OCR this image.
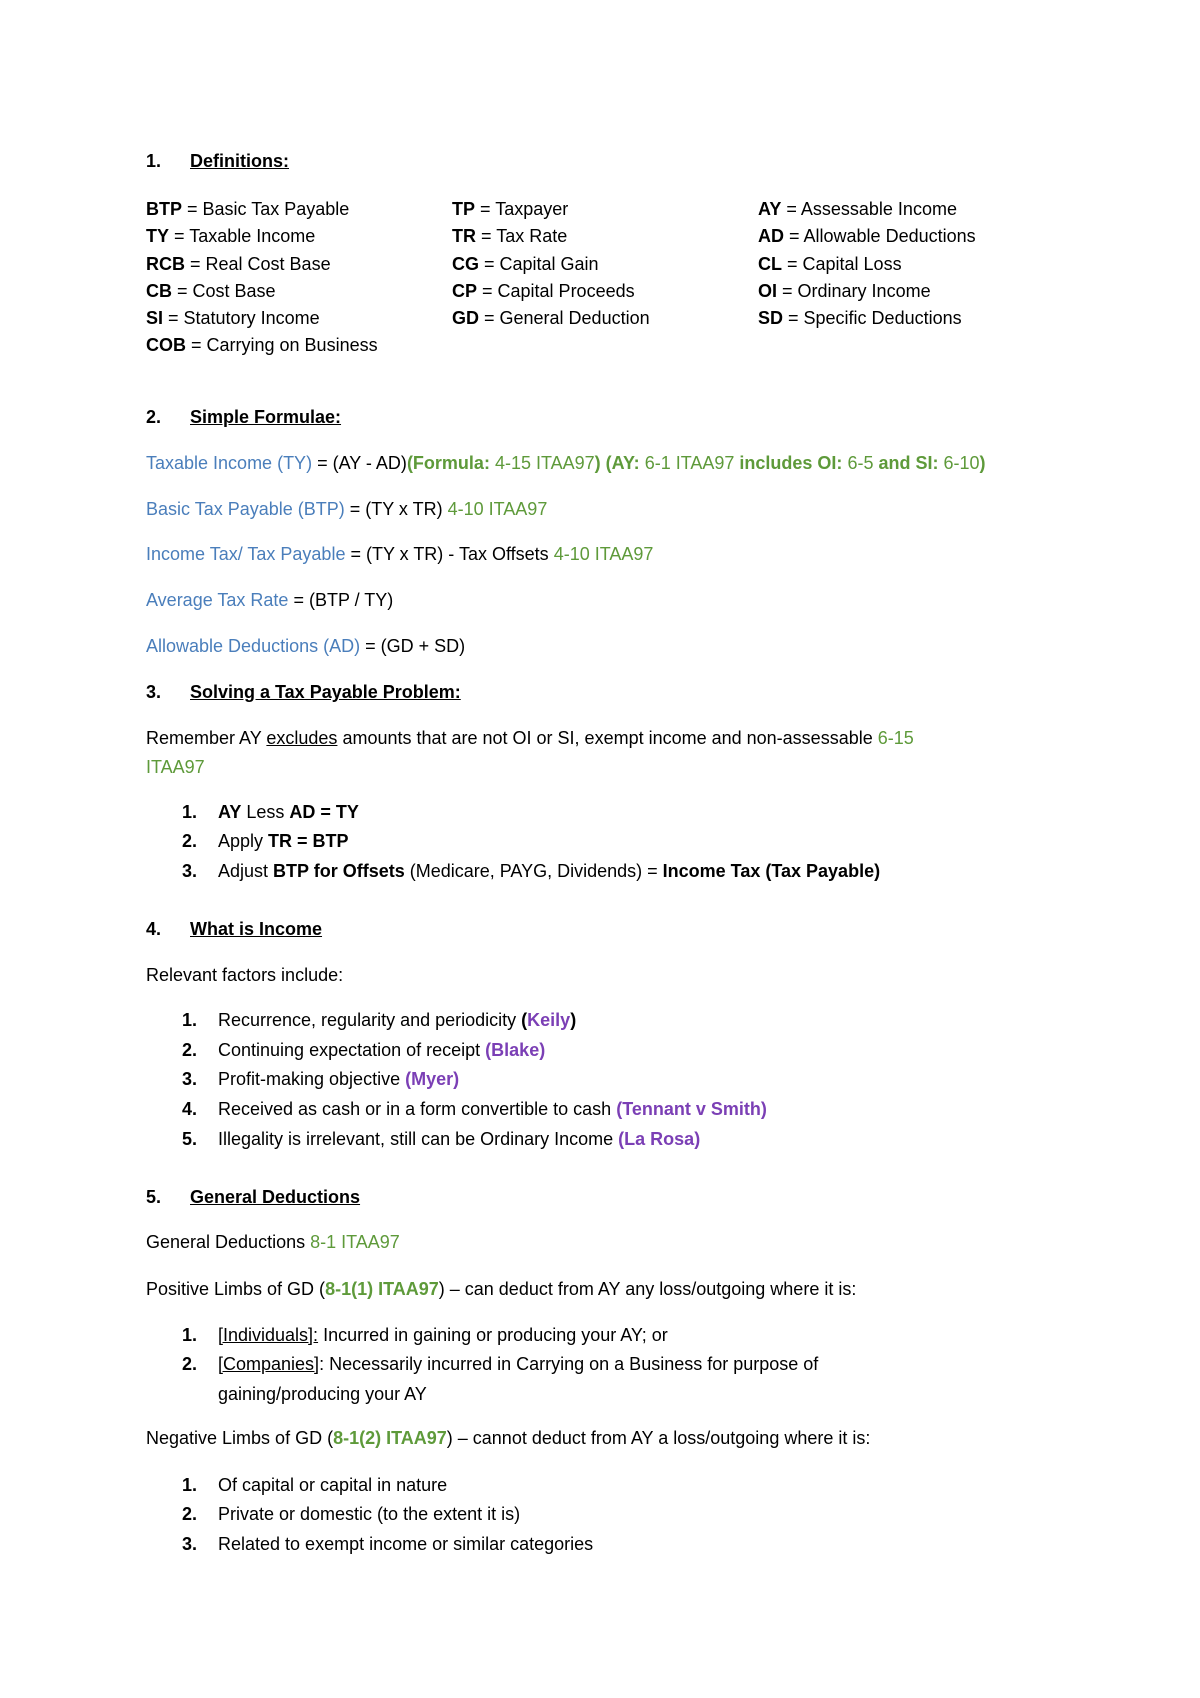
1. Definitions:
BTP = Basic Tax Payable
TY = Taxable Income
RCB = Real Cost Base
CB = Cost Base
SI = Statutory Income
COB = Carrying on Business
TP = Taxpayer
TR = Tax Rate
CG = Capital Gain
CP = Capital Proceeds
GD = General Deduction
AY = Assessable Income
AD = Allowable Deductions
CL = Capital Loss
OI = Ordinary Income
SD = Specific Deductions
2. Simple Formulae:
Taxable Income (TY) = (AY - AD)(Formula: 4-15 ITAA97) (AY: 6-1 ITAA97 includes OI: 6-5 and SI: 6-10)
Basic Tax Payable (BTP) = (TY x TR) 4-10 ITAA97
Income Tax/ Tax Payable = (TY x TR) - Tax Offsets 4-10 ITAA97
Average Tax Rate = (BTP / TY)
Allowable Deductions (AD) = (GD + SD)
3. Solving a Tax Payable Problem:
Remember AY excludes amounts that are not OI or SI, exempt income and non-assessable 6-15
ITAA97
1. AY Less AD = TY
2. Apply TR = BTP
3. Adjust BTP for Offsets (Medicare, PAYG, Dividends) = Income Tax (Tax Payable)
4. What is Income
Relevant factors include:
1. Recurrence, regularity and periodicity (Keily)
2. Continuing expectation of receipt (Blake)
3. Profit-making objective (Myer)
4. Received as cash or in a form convertible to cash (Tennant v Smith)
5. Illegality is irrelevant, still can be Ordinary Income (La Rosa)
5. General Deductions
General Deductions 8-1 ITAA97
Positive Limbs of GD (8-1(1) ITAA97) – can deduct from AY any loss/outgoing where it is:
1. [Individuals]: Incurred in gaining or producing your AY; or
2. [Companies]: Necessarily incurred in Carrying on a Business for purpose of
gaining/producing your AY
Negative Limbs of GD (8-1(2) ITAA97) – cannot deduct from AY a loss/outgoing where it is:
1. Of capital or capital in nature
2. Private or domestic (to the extent it is)
3. Related to exempt income or similar categories
